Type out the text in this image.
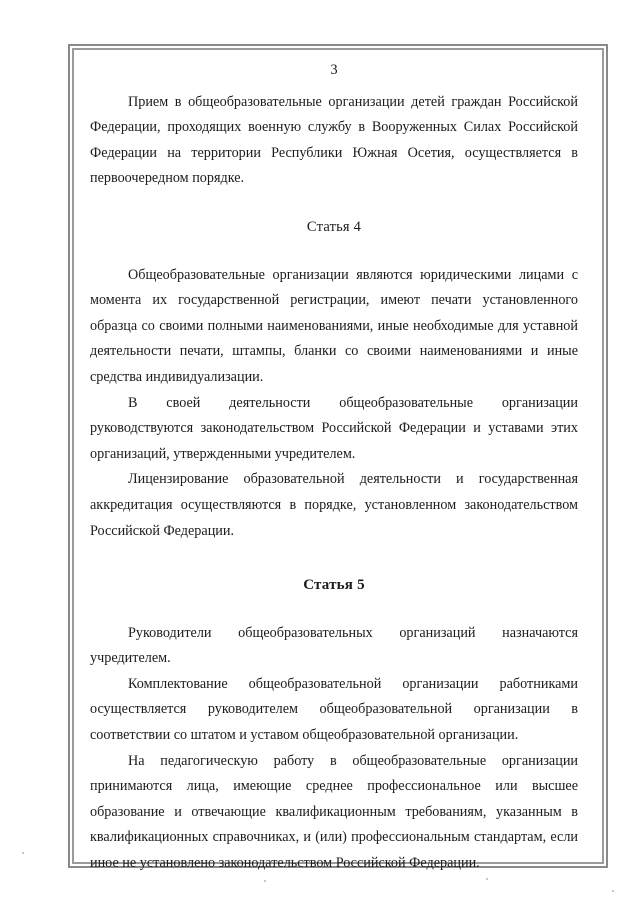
3

Прием в общеобразовательные организации детей граждан Российской Федерации, проходящих военную службу в Вооруженных Силах Российской Федерации на территории Республики Южная Осетия, осуществляется в первоочередном порядке.

Статья 4

Общеобразовательные организации являются юридическими лицами с момента их государственной регистрации, имеют печати установленного образца со своими полными наименованиями, иные необходимые для уставной деятельности печати, штампы, бланки со своими наименованиями и иные средства индивидуализации.

В своей деятельности общеобразовательные организации руководствуются законодательством Российской Федерации и уставами этих организаций, утвержденными учредителем.

Лицензирование образовательной деятельности и государственная аккредитация осуществляются в порядке, установленном законодательством Российской Федерации.

Статья 5

Руководители общеобразовательных организаций назначаются учредителем.

Комплектование общеобразовательной организации работниками осуществляется руководителем общеобразовательной организации в соответствии со штатом и уставом общеобразовательной организации.

На педагогическую работу в общеобразовательные организации принимаются лица, имеющие среднее профессиональное или высшее образование и отвечающие квалификационным требованиям, указанным в квалификационных справочниках, и (или) профессиональным стандартам, если иное не установлено законодательством Российской Федерации.
